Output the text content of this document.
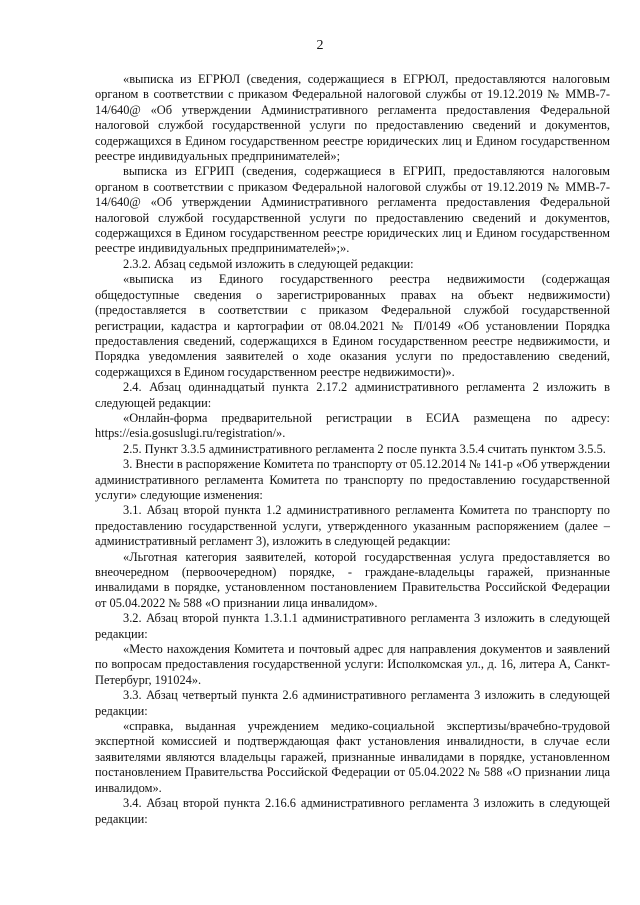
2

«выписка из ЕГРЮЛ (сведения, содержащиеся в ЕГРЮЛ, предоставляются налоговым органом в соответствии с приказом Федеральной налоговой службы от 19.12.2019 № ММВ-7-14/640@ «Об утверждении Административного регламента предоставления Федеральной налоговой службой государственной услуги по предоставлению сведений и документов, содержащихся в Едином государственном реестре юридических лиц и Едином государственном реестре индивидуальных предпринимателей»;

выписка из ЕГРИП (сведения, содержащиеся в ЕГРИП, предоставляются налоговым органом в соответствии с приказом Федеральной налоговой службы от 19.12.2019 № ММВ-7-14/640@ «Об утверждении Административного регламента предоставления Федеральной налоговой службой государственной услуги по предоставлению сведений и документов, содержащихся в Едином государственном реестре юридических лиц и Едином государственном реестре индивидуальных предпринимателей»;».

2.3.2. Абзац седьмой изложить в следующей редакции:

«выписка из Единого государственного реестра недвижимости (содержащая общедоступные сведения о зарегистрированных правах на объект недвижимости) (предоставляется в соответствии с приказом Федеральной службой государственной регистрации, кадастра и картографии от 08.04.2021 № П/0149 «Об установлении Порядка предоставления сведений, содержащихся в Едином государственном реестре недвижимости, и Порядка уведомления заявителей о ходе оказания услуги по предоставлению сведений, содержащихся в Едином государственном реестре недвижимости)».

2.4. Абзац одиннадцатый пункта 2.17.2 административного регламента 2 изложить в следующей редакции:

«Онлайн-форма предварительной регистрации в ЕСИА размещена по адресу: https://esia.gosuslugi.ru/registration/».

2.5. Пункт 3.3.5 административного регламента 2 после пункта 3.5.4 считать пунктом 3.5.5.

3. Внести в распоряжение Комитета по транспорту от 05.12.2014 № 141-р «Об утверждении административного регламента Комитета по транспорту по предоставлению государственной услуги» следующие изменения:

3.1. Абзац второй пункта 1.2 административного регламента Комитета по транспорту по предоставлению государственной услуги, утвержденного указанным распоряжением (далее – административный регламент 3), изложить в следующей редакции:

«Льготная категория заявителей, которой государственная услуга предоставляется во внеочередном (первоочередном) порядке, - граждане-владельцы гаражей, признанные инвалидами в порядке, установленном постановлением Правительства Российской Федерации от 05.04.2022 № 588 «О признании лица инвалидом».

3.2. Абзац второй пункта 1.3.1.1 административного регламента 3 изложить в следующей редакции:

«Место нахождения Комитета и почтовый адрес для направления документов и заявлений по вопросам предоставления государственной услуги: Исполкомская ул., д. 16, литера А, Санкт-Петербург, 191024».

3.3. Абзац четвертый пункта 2.6 административного регламента 3 изложить в следующей редакции:

«справка, выданная учреждением медико-социальной экспертизы/врачебно-трудовой экспертной комиссией и подтверждающая факт установления инвалидности, в случае если заявителями являются владельцы гаражей, признанные инвалидами в порядке, установленном постановлением Правительства Российской Федерации от 05.04.2022 № 588 «О признании лица инвалидом».

3.4. Абзац второй пункта 2.16.6 административного регламента 3 изложить в следующей редакции:
